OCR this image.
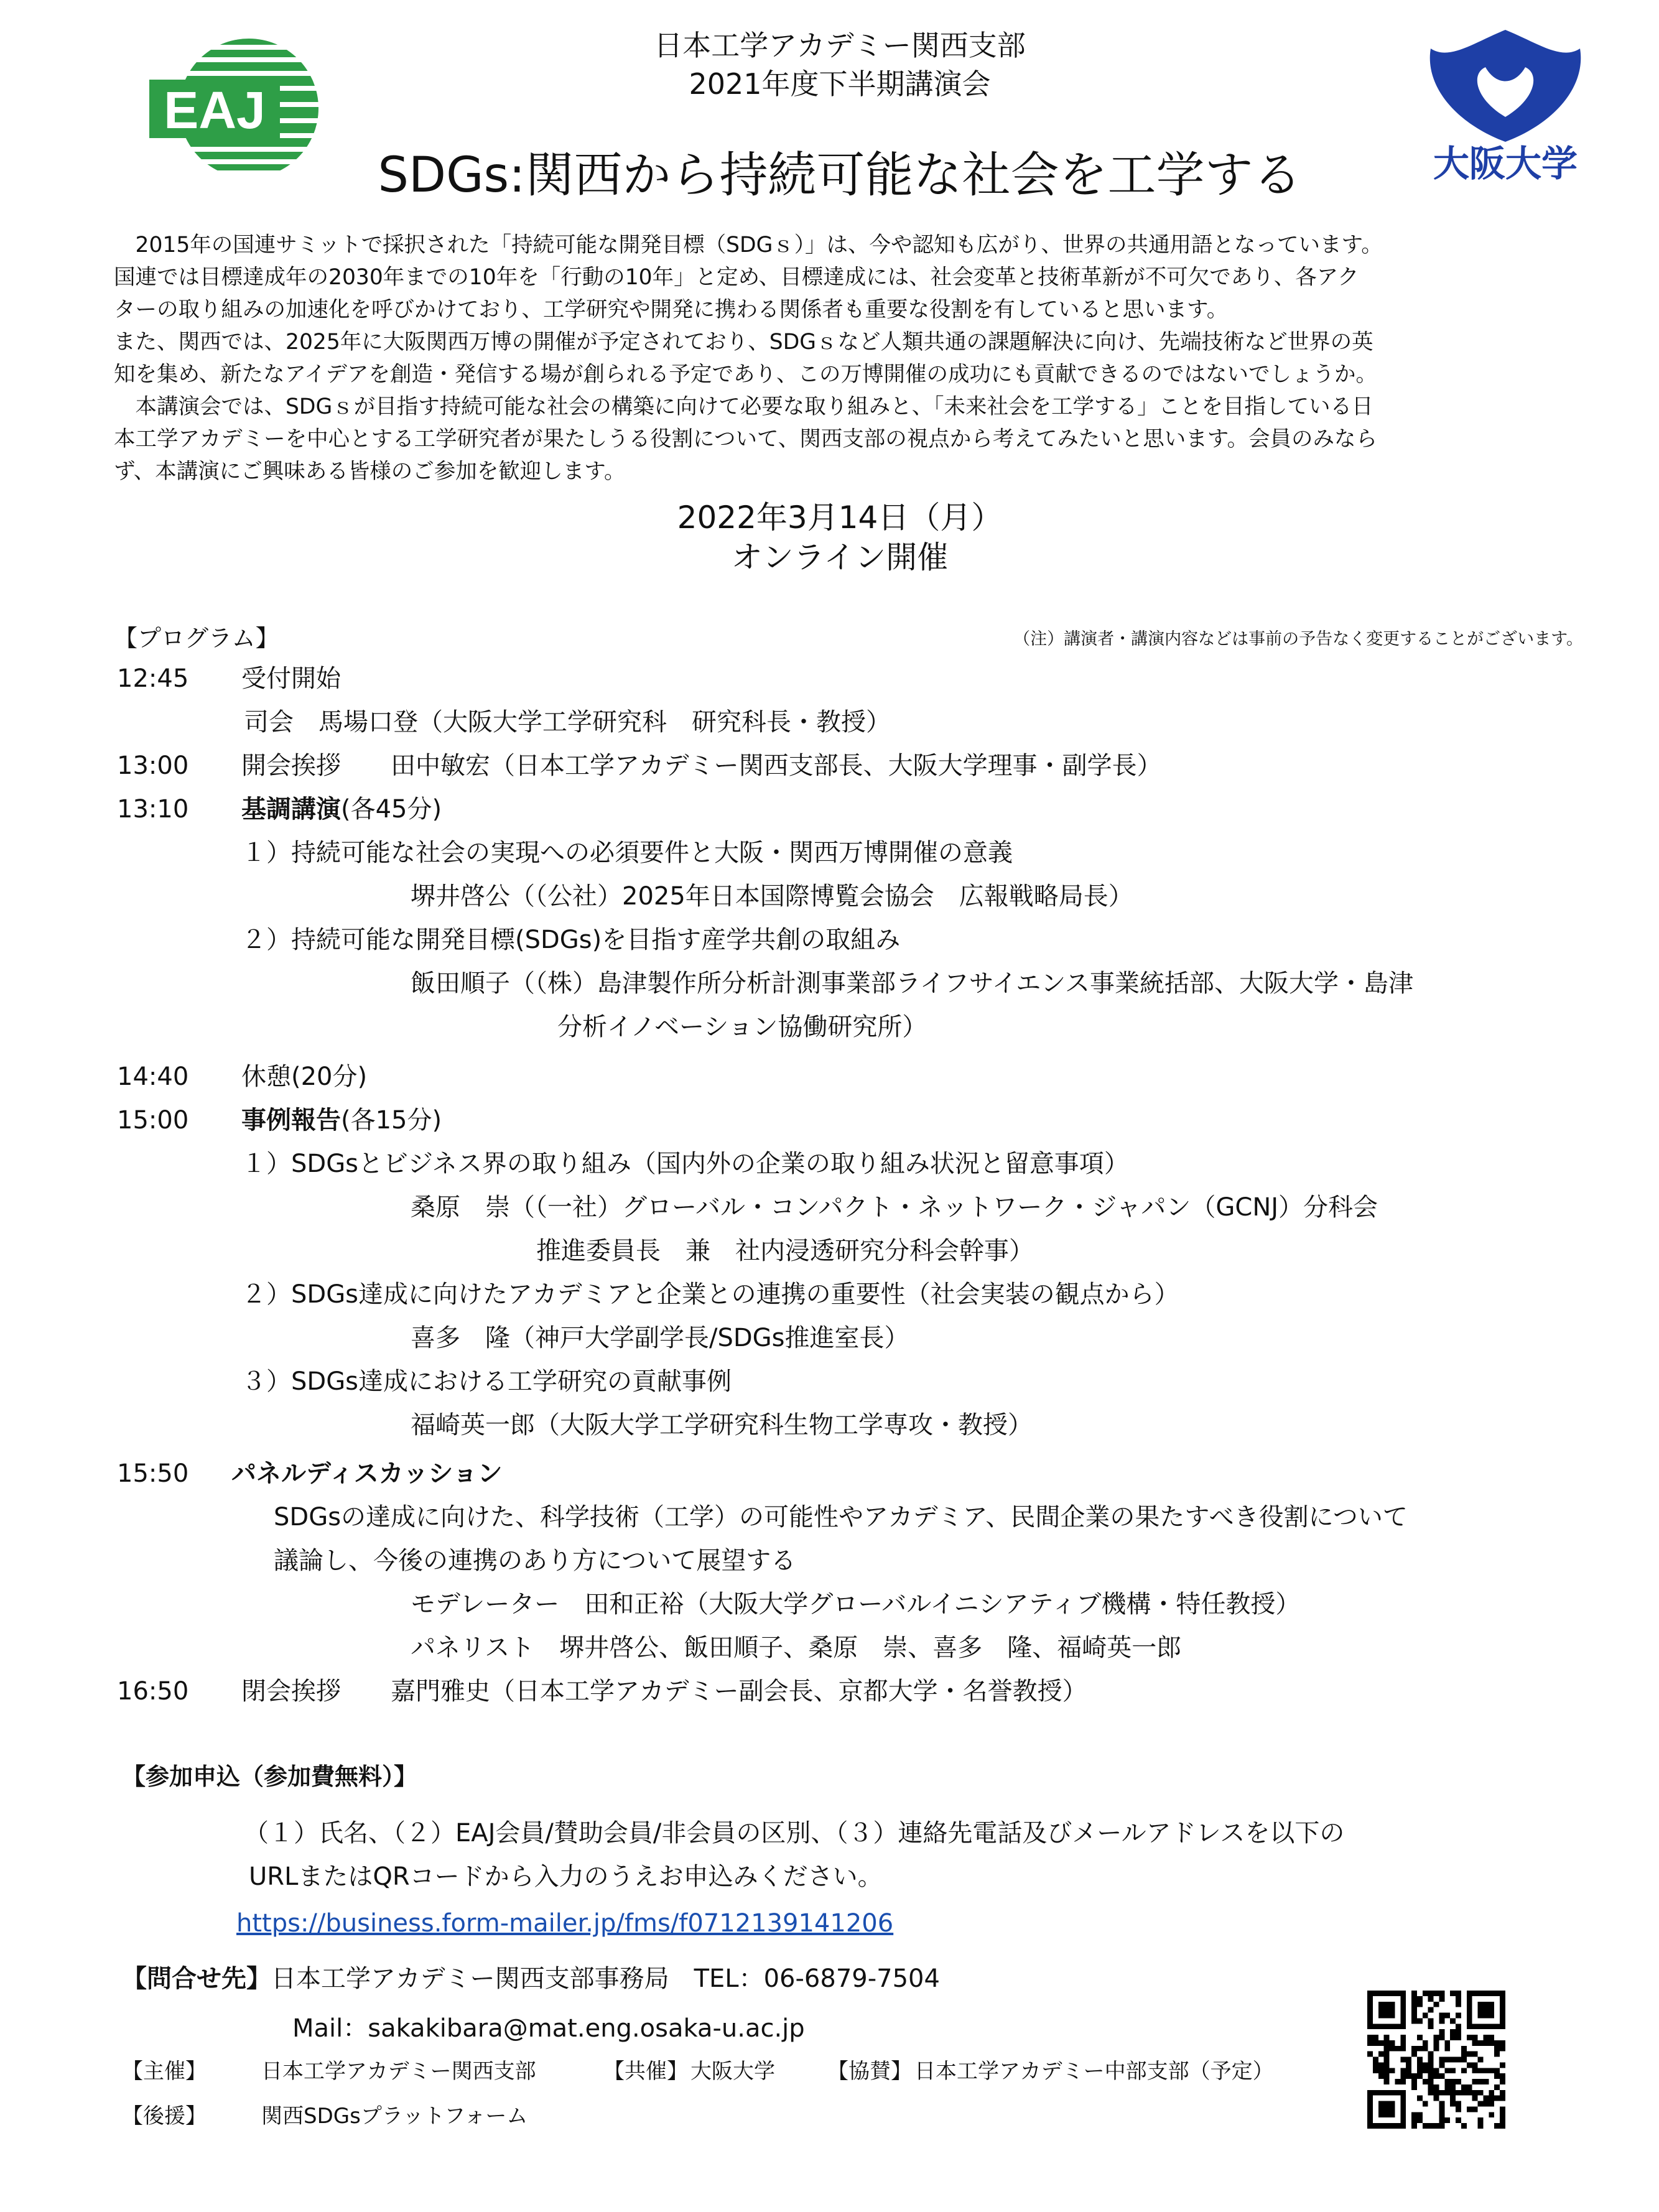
EAJ
大阪大学
日本工学アカデミー関西支部
2021年度下半期講演会
SDGs:関西から持続可能な社会を工学する
　2015年の国連サミットで採択された「持続可能な開発目標（SDGｓ）」は、今や認知も広がり、世界の共通用語となっています。
国連では目標達成年の2030年までの10年を「行動の10年」と定め、目標達成には、社会変革と技術革新が不可欠であり、各アク
ターの取り組みの加速化を呼びかけており、工学研究や開発に携わる関係者も重要な役割を有していると思います。
また、関西では、2025年に大阪関西万博の開催が予定されており、SDGｓなど人類共通の課題解決に向け、先端技術など世界の英
知を集め、新たなアイデアを創造・発信する場が創られる予定であり、この万博開催の成功にも貢献できるのではないでしょうか。
　本講演会では、SDGｓが目指す持続可能な社会の構築に向けて必要な取り組みと、「未来社会を工学する」ことを目指している日
本工学アカデミーを中心とする工学研究者が果たしうる役割について、関西支部の視点から考えてみたいと思います。会員のみなら
ず、本講演にご興味ある皆様のご参加を歓迎します。
2022年3月14日（月）
オンライン開催
【プログラム】	（注）講演者・講演内容などは事前の予告なく変更することがございます。
12:45 受付開始
司会　馬場口登（大阪大学工学研究科　研究科長・教授）
13:00 開会挨拶　　田中敏宏（日本工学アカデミー関西支部長、大阪大学理事・副学長）
13:10 基調講演(各45分)
１）持続可能な社会の実現への必須要件と大阪・関西万博開催の意義
堺井啓公（（公社）2025年日本国際博覧会協会　広報戦略局長）
２）持続可能な開発目標(SDGs)を目指す産学共創の取組み
飯田順子（（株）島津製作所分析計測事業部ライフサイエンス事業統括部、大阪大学・島津
分析イノベーション協働研究所）
14:40 休憩(20分)
15:00 事例報告(各15分)
１）SDGsとビジネス界の取り組み（国内外の企業の取り組み状況と留意事項）
桑原　崇（（一社）グローバル・コンパクト・ネットワーク・ジャパン（GCNJ）分科会
推進委員長　兼　社内浸透研究分科会幹事）
２）SDGs達成に向けたアカデミアと企業との連携の重要性（社会実装の観点から）
喜多　隆（神戸大学副学長/SDGs推進室長）
３）SDGs達成における工学研究の貢献事例
福崎英一郎（大阪大学工学研究科生物工学専攻・教授）
15:50 パネルディスカッション
SDGsの達成に向けた、科学技術（工学）の可能性やアカデミア、民間企業の果たすべき役割について
議論し、今後の連携のあり方について展望する
モデレーター　田和正裕（大阪大学グローバルイニシアティブ機構・特任教授）
パネリスト　堺井啓公、飯田順子、桑原　崇、喜多　隆、福崎英一郎
16:50 閉会挨拶　　嘉門雅史（日本工学アカデミー副会長、京都大学・名誉教授）
【参加申込（参加費無料）】
（１）氏名、（２）EAJ会員/賛助会員/非会員の区別、（３）連絡先電話及びメールアドレスを以下の
URLまたはQRコードから入力のうえお申込みください。
https://business.form-mailer.jp/fms/f0712139141206
【問合せ先】日本工学アカデミー関西支部事務局　TEL：06-6879-7504
Mail：sakakibara@mat.eng.osaka-u.ac.jp
【主催】	日本工学アカデミー関西支部	【共催】 大阪大学 【協賛】 日本工学アカデミー中部支部（予定）
【後援】	関西SDGsプラットフォーム
